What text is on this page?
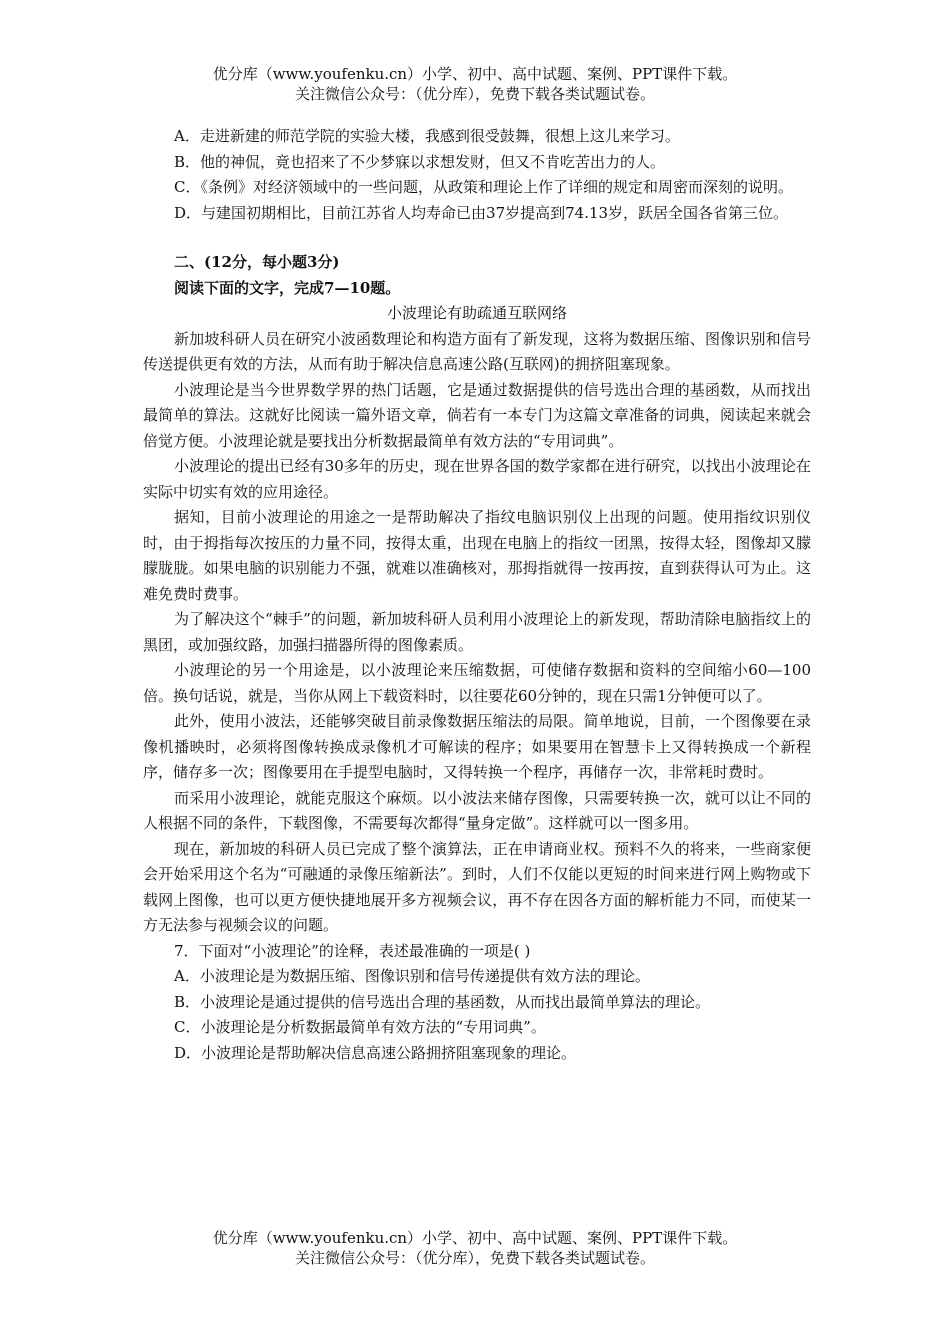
优分库（www.youfenku.cn）小学、初中、高中试题、案例、PPT课件下载。
关注微信公众号：（优分库），免费下载各类试题试卷。

A．走进新建的师范学院的实验大楼，我感到很受鼓舞，很想上这儿来学习。

B．他的神侃，竟也招来了不少梦寐以求想发财，但又不肯吃苦出力的人。

C．《条例》对经济领域中的一些问题，从政策和理论上作了详细的规定和周密而深刻的说明。

D．与建国初期相比，目前江苏省人均寿命已由37岁提高到74.13岁，跃居全国各省第三位。

二、(12分，每小题3分)

阅读下面的文字，完成7—10题。

小波理论有助疏通互联网络

新加坡科研人员在研究小波函数理论和构造方面有了新发现，这将为数据压缩、图像识别和信号传送提供更有效的方法，从而有助于解决信息高速公路(互联网)的拥挤阻塞现象。

小波理论是当今世界数学界的热门话题，它是通过数据提供的信号选出合理的基函数，从而找出最简单的算法。这就好比阅读一篇外语文章，倘若有一本专门为这篇文章准备的词典，阅读起来就会倍觉方便。小波理论就是要找出分析数据最简单有效方法的“专用词典”。

小波理论的提出已经有30多年的历史，现在世界各国的数学家都在进行研究，以找出小波理论在实际中切实有效的应用途径。

据知，目前小波理论的用途之一是帮助解决了指纹电脑识别仪上出现的问题。使用指纹识别仪时，由于拇指每次按压的力量不同，按得太重，出现在电脑上的指纹一团黑，按得太轻，图像却又朦朦胧胧。如果电脑的识别能力不强，就难以准确核对，那拇指就得一按再按，直到获得认可为止。这难免费时费事。

为了解决这个“棘手”的问题，新加坡科研人员利用小波理论上的新发现，帮助清除电脑指纹上的黑团，或加强纹路，加强扫描器所得的图像素质。

小波理论的另一个用途是，以小波理论来压缩数据，可使储存数据和资料的空间缩小60—100倍。换句话说，就是，当你从网上下载资料时，以往要花60分钟的，现在只需1分钟便可以了。

此外，使用小波法，还能够突破目前录像数据压缩法的局限。简单地说，目前，一个图像要在录像机播映时，必须将图像转换成录像机才可解读的程序；如果要用在智慧卡上又得转换成一个新程序，储存多一次；图像要用在手提型电脑时，又得转换一个程序，再储存一次，非常耗时费时。

而采用小波理论，就能克服这个麻烦。以小波法来储存图像，只需要转换一次，就可以让不同的人根据不同的条件，下载图像，不需要每次都得“量身定做”。这样就可以一图多用。

现在，新加坡的科研人员已完成了整个演算法，正在申请商业权。预料不久的将来，一些商家便会开始采用这个名为“可融通的录像压缩新法”。到时，人们不仅能以更短的时间来进行网上购物或下载网上图像，也可以更方便快捷地展开多方视频会议，再不存在因各方面的解析能力不同，而使某一方无法参与视频会议的问题。

7．下面对“小波理论”的诠释，表述最准确的一项是( )

A．小波理论是为数据压缩、图像识别和信号传递提供有效方法的理论。

B．小波理论是通过提供的信号选出合理的基函数，从而找出最简单算法的理论。

C．小波理论是分析数据最简单有效方法的“专用词典”。

D．小波理论是帮助解决信息高速公路拥挤阻塞现象的理论。

优分库（www.youfenku.cn）小学、初中、高中试题、案例、PPT课件下载。
关注微信公众号：（优分库），免费下载各类试题试卷。
